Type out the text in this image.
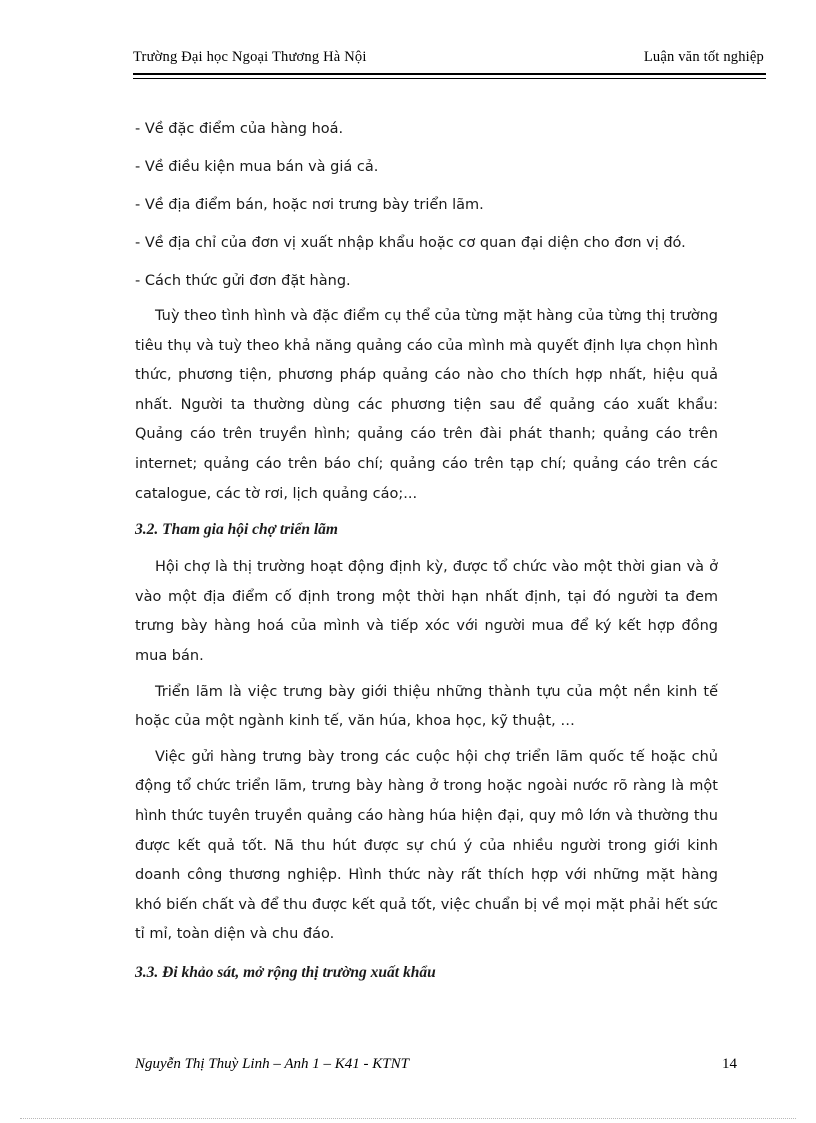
Trường Đại học Ngoại Thương Hà Nội	Luận văn tốt nghiệp

- Về đặc điểm của hàng hoá.

- Về điều kiện mua bán và giá cả.

- Về địa điểm bán, hoặc nơi trưng bày triển lãm.

- Về địa chỉ của đơn vị xuất nhập khẩu hoặc cơ quan đại diện cho đơn vị đó.

- Cách thức gửi đơn đặt hàng.

Tuỳ theo tình hình và đặc điểm cụ thể của từng mặt hàng của từng thị trường tiêu thụ và tuỳ theo khả năng quảng cáo của mình mà quyết định lựa chọn hình thức, phương tiện, phương pháp quảng cáo nào cho thích hợp nhất, hiệu quả nhất. Người ta thường dùng các phương tiện sau để quảng cáo xuất khẩu: Quảng cáo trên truyền hình; quảng cáo trên đài phát thanh; quảng cáo trên internet; quảng cáo trên báo chí; quảng cáo trên tạp chí; quảng cáo trên các catalogue, các tờ rơi, lịch quảng cáo;...

3.2. Tham gia hội chợ triển lãm

Hội chợ là thị trường hoạt động định kỳ, được tổ chức vào một thời gian và ở vào một địa điểm cố định trong một thời hạn nhất định, tại đó người ta đem trưng bày hàng hoá của mình và tiếp xóc với người mua để ký kết hợp đồng mua bán.

Triển lãm là việc trưng bày giới thiệu những thành tựu của một nền kinh tế hoặc của một ngành kinh tế, văn húa, khoa học, kỹ thuật, …

Việc gửi hàng trưng bày trong các cuộc hội chợ triển lãm quốc tế hoặc chủ động tổ chức triển lãm, trưng bày hàng ở trong hoặc ngoài nước rõ ràng là một hình thức tuyên truyền quảng cáo hàng húa hiện đại, quy mô lớn và thường thu được kết quả tốt. Nã thu hút được sự chú ý của nhiều người trong giới kinh doanh công thương nghiệp. Hình thức này rất thích hợp với những mặt hàng khó biến chất và để thu được kết quả tốt, việc chuẩn bị về mọi mặt phải hết sức tỉ mỉ, toàn diện và chu đáo.

3.3. Đi khảo sát, mở rộng thị trường xuất khẩu

Nguyễn Thị Thuỳ Linh – Anh 1 – K41 - KTNT	14
